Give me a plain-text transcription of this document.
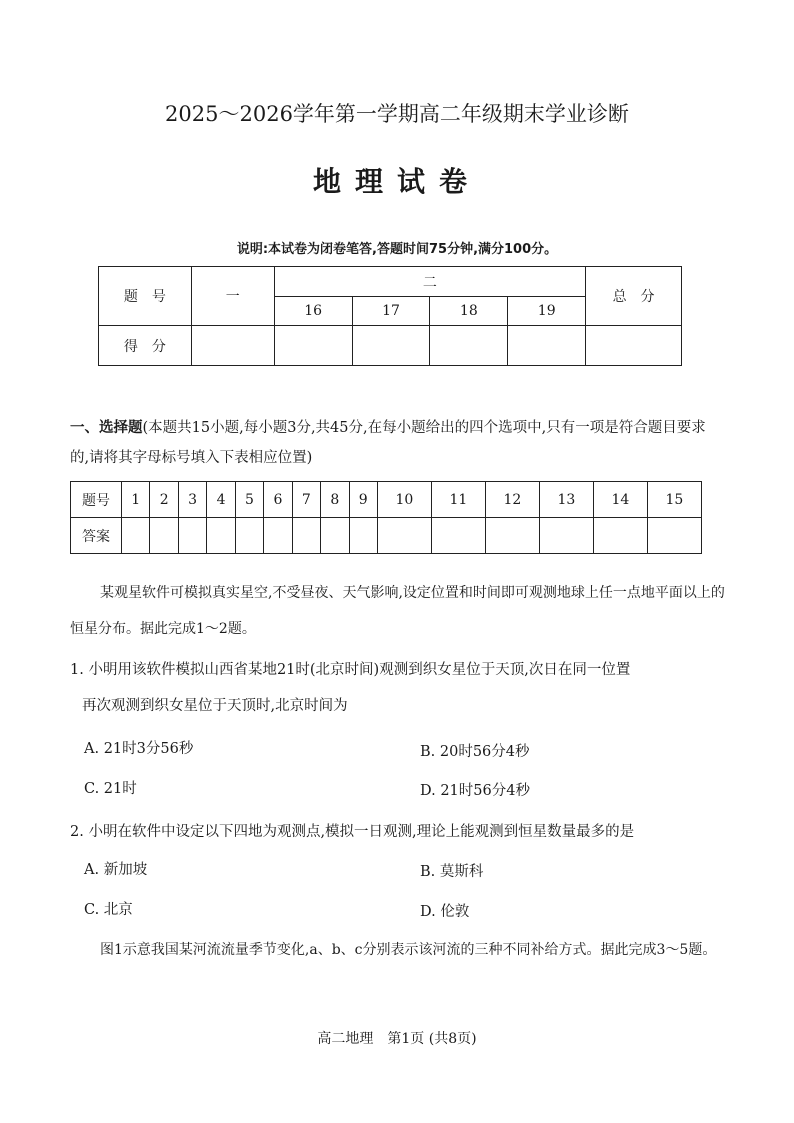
2025～2026学年第一学期高二年级期末学业诊断
地理试卷
说明:本试卷为闭卷笔答,答题时间75分钟,满分100分。
题　号	一	二				总　分
		16	17	18	19	
得　分						
一、选择题(本题共15小题,每小题3分,共45分,在每小题给出的四个选项中,只有一项是符合题目要求的,请将其字母标号填入下表相应位置)
题号	1	2	3	4	5	6	7	8	9	10	11	12	13	14	15
答案															
某观星软件可模拟真实星空,不受昼夜、天气影响,设定位置和时间即可观测地球上任一点地平面以上的恒星分布。据此完成1～2题。
1. 小明用该软件模拟山西省某地21时(北京时间)观测到织女星位于天顶,次日在同一位置
再次观测到织女星位于天顶时,北京时间为
A. 21时3分56秒	B. 20时56分4秒
C. 21时	D. 21时56分4秒
2. 小明在软件中设定以下四地为观测点,模拟一日观测,理论上能观测到恒星数量最多的是
A. 新加坡	B. 莫斯科
C. 北京	D. 伦敦
图1示意我国某河流流量季节变化,a、b、c分别表示该河流的三种不同补给方式。据此完成3～5题。
高二地理　第1页 (共8页)
